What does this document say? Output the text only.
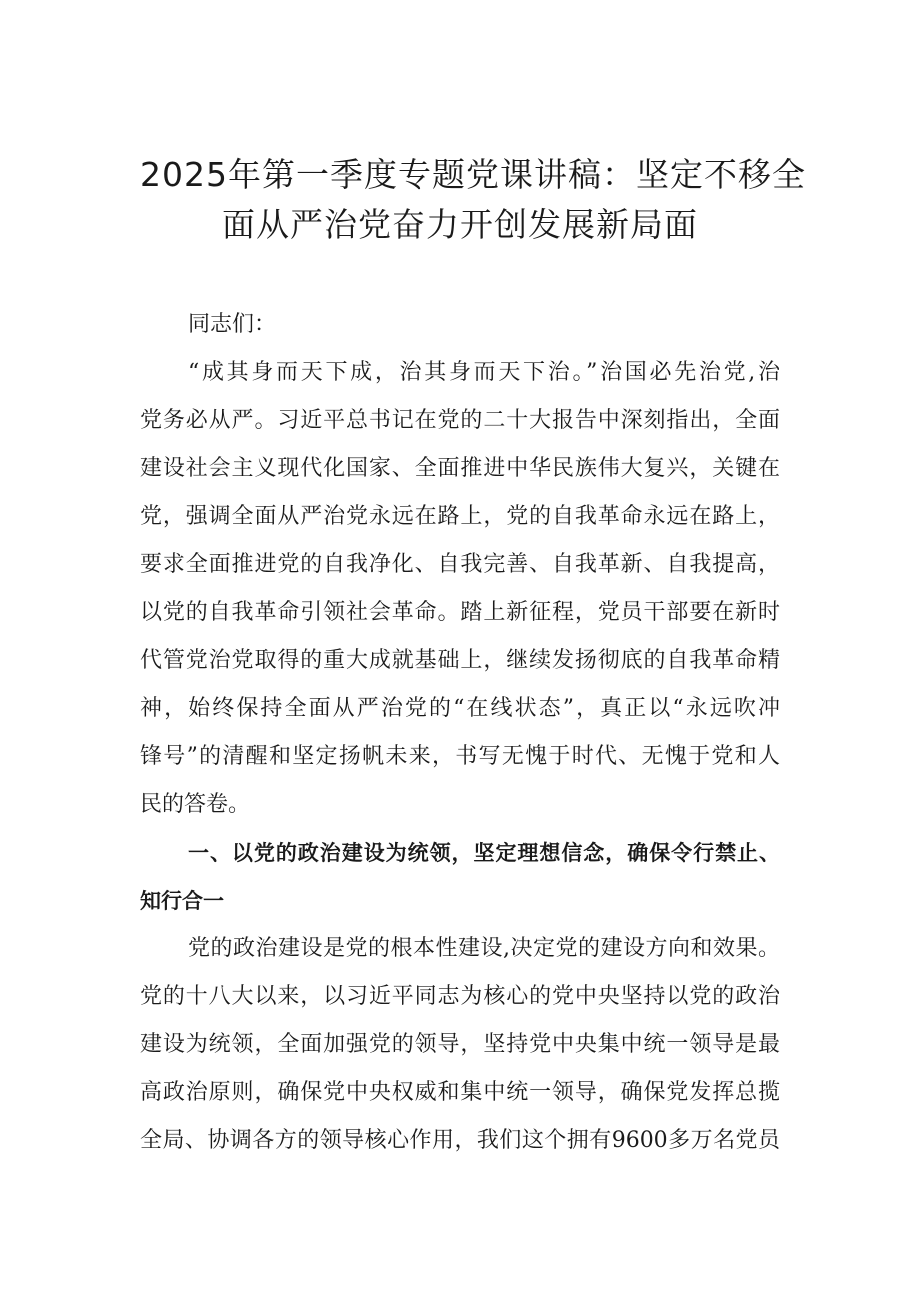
2025年第一季度专题党课讲稿：坚定不移全
面从严治党奋力开创发展新局面

同志们：

“成其身而天下成，治其身而天下治。”治国必先治党,治
党务必从严。习近平总书记在党的二十大报告中深刻指出，全面
建设社会主义现代化国家、全面推进中华民族伟大复兴，关键在
党，强调全面从严治党永远在路上，党的自我革命永远在路上，
要求全面推进党的自我净化、自我完善、自我革新、自我提高，
以党的自我革命引领社会革命。踏上新征程，党员干部要在新时
代管党治党取得的重大成就基础上，继续发扬彻底的自我革命精
神，始终保持全面从严治党的“在线状态”，真正以“永远吹冲
锋号”的清醒和坚定扬帆未来，书写无愧于时代、无愧于党和人
民的答卷。

一、以党的政治建设为统领，坚定理想信念，确保令行禁止、
知行合一

党的政治建设是党的根本性建设,决定党的建设方向和效果。
党的十八大以来，以习近平同志为核心的党中央坚持以党的政治
建设为统领，全面加强党的领导，坚持党中央集中统一领导是最
高政治原则，确保党中央权威和集中统一领导，确保党发挥总揽
全局、协调各方的领导核心作用，我们这个拥有9600多万名党员
